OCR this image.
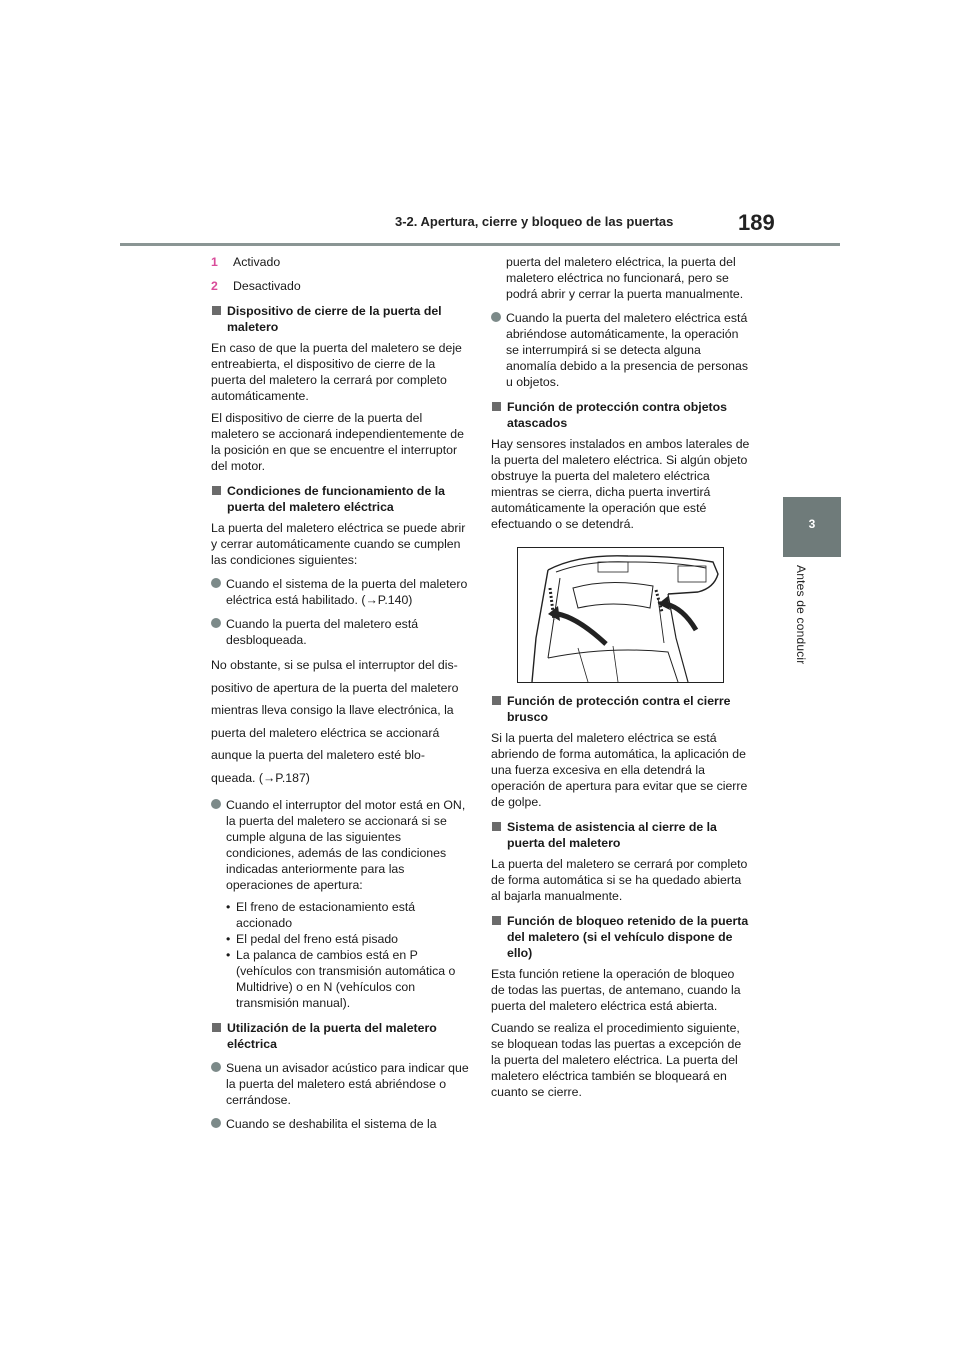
3-2. Apertura, cierre y bloqueo de las puertas	189
3
Antes de conducir
1	Activado
2	Desactivado
Dispositivo de cierre de la puerta del maletero

En caso de que la puerta del maletero se deje entreabierta, el dispositivo de cierre de la puerta del maletero la cerrará por completo automáticamente.

El dispositivo de cierre de la puerta del maletero se accionará independientemente de la posición en que se encuentre el interruptor del motor.

Condiciones de funcionamiento de la puerta del maletero eléctrica

La puerta del maletero eléctrica se puede abrir y cerrar automáticamente cuando se cumplen las condiciones siguientes:

Cuando el sistema de la puerta del maletero eléctrica está habilitado. (→P.140)
Cuando la puerta del maletero está desbloqueada.

No obstante, si se pulsa el interruptor del dis-

positivo de apertura de la puerta del maletero

mientras lleva consigo la llave electrónica, la

puerta del maletero eléctrica se accionará

aunque la puerta del maletero esté blo-

queada. (→P.187)

Cuando el interruptor del motor está en ON, la puerta del maletero se accionará si se cumple alguna de las siguientes condiciones, además de las condiciones indicadas anteriormente para las operaciones de apertura:
• El freno de estacionamiento está accionado
• El pedal del freno está pisado
• La palanca de cambios está en P (vehículos con transmisión automática o Multidrive) o en N (vehículos con transmisión manual).
Utilización de la puerta del maletero eléctrica
Suena un avisador acústico para indicar que la puerta del maletero está abriéndose o cerrándose.
Cuando se deshabilita el sistema de la

puerta del maletero eléctrica, la puerta del maletero eléctrica no funcionará, pero se podrá abrir y cerrar la puerta manualmente.

Cuando la puerta del maletero eléctrica está abriéndose automáticamente, la operación se interrumpirá si se detecta alguna anomalía debido a la presencia de personas u objetos.
Función de protección contra objetos atascados

Hay sensores instalados en ambos laterales de la puerta del maletero eléctrica. Si algún objeto obstruye la puerta del maletero eléctrica mientras se cierra, dicha puerta invertirá automáticamente la operación que esté efectuando o se detendrá.

Función de protección contra el cierre brusco

Si la puerta del maletero eléctrica se está abriendo de forma automática, la aplicación de una fuerza excesiva en ella detendrá la operación de apertura para evitar que se cierre de golpe.

Sistema de asistencia al cierre de la puerta del maletero

La puerta del maletero se cerrará por completo de forma automática si se ha quedado abierta al bajarla manualmente.

Función de bloqueo retenido de la puerta del maletero (si el vehículo dispone de ello)

Esta función retiene la operación de bloqueo de todas las puertas, de antemano, cuando la puerta del maletero eléctrica está abierta.

Cuando se realiza el procedimiento siguiente, se bloquean todas las puertas a excepción de la puerta del maletero eléctrica. La puerta del maletero eléctrica también se bloqueará en cuanto se cierre.
